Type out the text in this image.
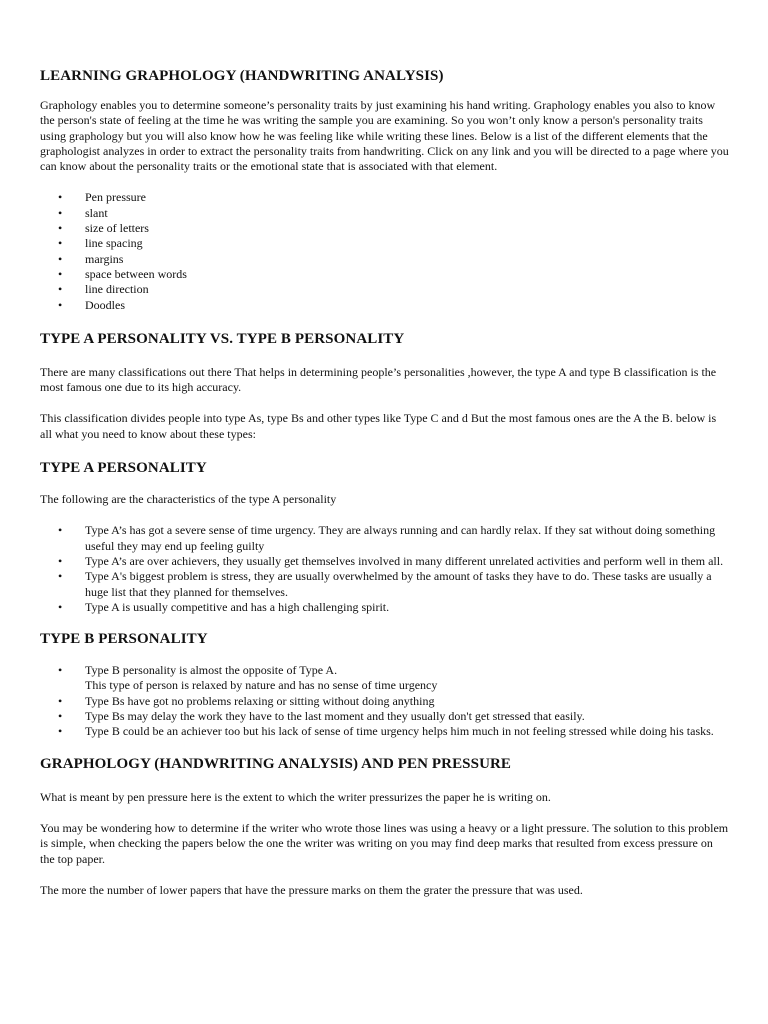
LEARNING GRAPHOLOGY (HANDWRITING ANALYSIS)

Graphology enables you to determine someone’s personality traits by just examining his hand writing. Graphology enables you also to know the person's state of feeling at the time he was writing the sample you are examining. So you won’t only know a person's personality traits using graphology but you will also know how he was feeling like while writing these lines. Below is a list of the different elements that the graphologist analyzes in order to extract the personality traits from handwriting. Click on any link and you will be directed to a page where you can know about the personality traits or the emotional state that is associated with that element.

• Pen pressure
• slant
• size of letters
• line spacing
• margins
• space between words
• line direction
• Doodles
TYPE A PERSONALITY VS. TYPE B PERSONALITY

There are many classifications out there That helps in determining people’s personalities ,however, the type A and type B classification is the most famous one due to its high accuracy.

This classification divides people into type As, type Bs and other types like Type C and d But the most famous ones are the A the B. below is all what you need to know about these types:

TYPE A PERSONALITY

The following are the characteristics of the type A personality

• Type A’s has got a severe sense of time urgency. They are always running and can hardly relax. If they sat without doing something useful they may end up feeling guilty
• Type A’s are over achievers, they usually get themselves involved in many different unrelated activities and perform well in them all.
• Type A's biggest problem is stress, they are usually overwhelmed by the amount of tasks they have to do. These tasks are usually a huge list that they planned for themselves.
• Type A is usually competitive and has a high challenging spirit.
TYPE B PERSONALITY
• Type B personality is almost the opposite of Type A.
This type of person is relaxed by nature and has no sense of time urgency
• Type Bs have got no problems relaxing or sitting without doing anything
• Type Bs may delay the work they have to the last moment and they usually don't get stressed that easily.
• Type B could be an achiever too but his lack of sense of time urgency helps him much in not feeling stressed while doing his tasks.
GRAPHOLOGY (HANDWRITING ANALYSIS) AND PEN PRESSURE

What is meant by pen pressure here is the extent to which the writer pressurizes the paper he is writing on.

You may be wondering how to determine if the writer who wrote those lines was using a heavy or a light pressure. The solution to this problem is simple, when checking the papers below the one the writer was writing on you may find deep marks that resulted from excess pressure on the top paper.

The more the number of lower papers that have the pressure marks on them the grater the pressure that was used.
